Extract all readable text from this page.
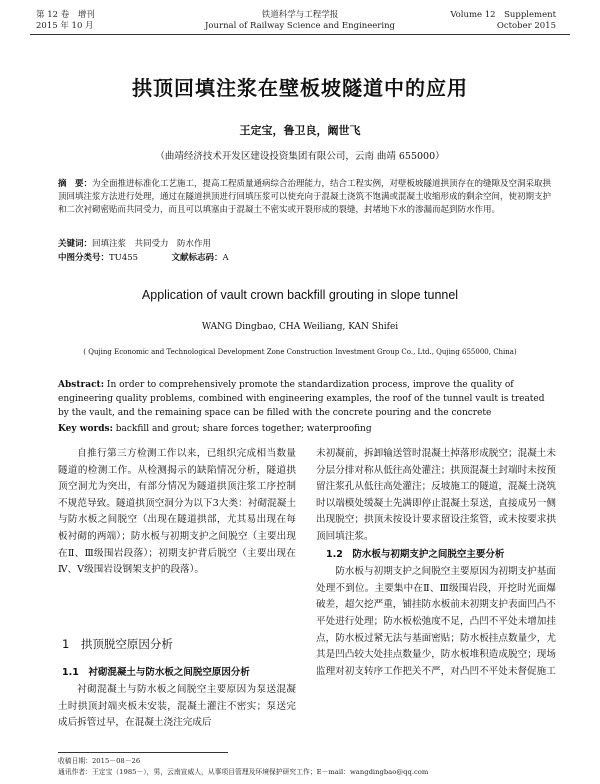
第 12 卷　增刊
2015 年 10 月
铁道科学与工程学报
Journal of Railway Science and Engineering
Volume 12　Supplement
October 2015
拱顶回填注浆在壁板坡隧道中的应用
王定宝，鲁卫良，阚世飞
（曲靖经济技术开发区建设投资集团有限公司，云南 曲靖 655000）
摘　要：为全面推进标准化工艺施工，提高工程质量通病综合治理能力，结合工程实例，对壁板坡隧道拱顶存在的缝隙及空洞采取拱顶回填注浆方法进行处理，通过在隧道拱顶进行回填压浆可以使充向于混凝土浇筑不饱满或混凝土收缩形成的剩余空间，使初期支护和二次衬砌密贴而共同受力，而且可以填塞由于混凝土不密实或开裂形成的裂缝，封堵地下水的渗漏而起到防水作用。
关键词：回填注浆　共同受力　防水作用
中图分类号：TU455	文献标志码：A
Application of vault crown backfill grouting in slope tunnel
WANG Dingbao, CHA Weiliang, KAN Shifei
( Qujing Economic and Technological Development Zone Construction Investment Group Co., Ltd., Qujing 655000, China)
Abstract: In order to comprehensively promote the standardization process, improve the quality of engineering quality problems, combined with engineering examples, the roof of the tunnel vault is treated by the vault, and the remaining space can be filled with the concrete pouring and the concrete
Key words: backfill and grout; share forces together; waterproofing

自推行第三方检测工作以来，已组织完成相当数量隧道的检测工作。从检测揭示的缺陷情况分析，隧道拱顶空洞尤为突出，有部分情况为隧道拱顶注浆工序控制不规范导致。隧道拱顶空洞分为以下3大类：衬砌混凝土与防水板之间脱空（出现在隧道拱部，尤其易出现在每板衬砌的两端）；防水板与初期支护之间脱空（主要出现在Ⅱ、Ⅲ级围岩段落）；初期支护背后脱空（主要出现在Ⅳ、Ⅴ级围岩设钢架支护的段落）。

1　拱顶脱空原因分析
1.1　衬砌混凝土与防水板之间脱空原因分析

衬砌混凝土与防水板之间脱空主要原因为泵送混凝土时拱顶封端夹板未安装，混凝土灌注不密实；泵送完成后拆管过早，在混凝土浇注完成后

未初凝前，拆卸输送管时混凝土掉落形成脱空；混凝土未分层分排对称从低往高处灌注；拱顶混凝土封端时未按预留注浆孔从低往高处灌注；反坡施工的隧道，混凝土浇筑时以端模处缓凝土先满即停止混凝土泵送，直接成另一侧出现脱空；拱顶未按设计要求留设注浆管，或未按要求拱顶回填注浆。

1.2　防水板与初期支护之间脱空主要分析

防水板与初期支护之间脱空主要原因为初期支护基面处理不到位。主要集中在Ⅱ、Ⅲ级围岩段，开挖时光面爆破差，超欠挖严重，铺挂防水板前未初期支护表面凹凸不平处进行处理；防水板松弛度不足，凸凹不平处未增加挂点，防水板过紧无法与基面密贴；防水板挂点数量少，尤其是凹凸较大处挂点数量少，防水板堆积造成脱空；现场监理对初支转序工作把关不严，对凸凹不平处未督促施工

收稿日期：2015－08－26
通讯作者：王定宝（1985－），男，云南宣威人，从事项目管理及环境保护研究工作；E－mail：wangdingbao@qq.com
